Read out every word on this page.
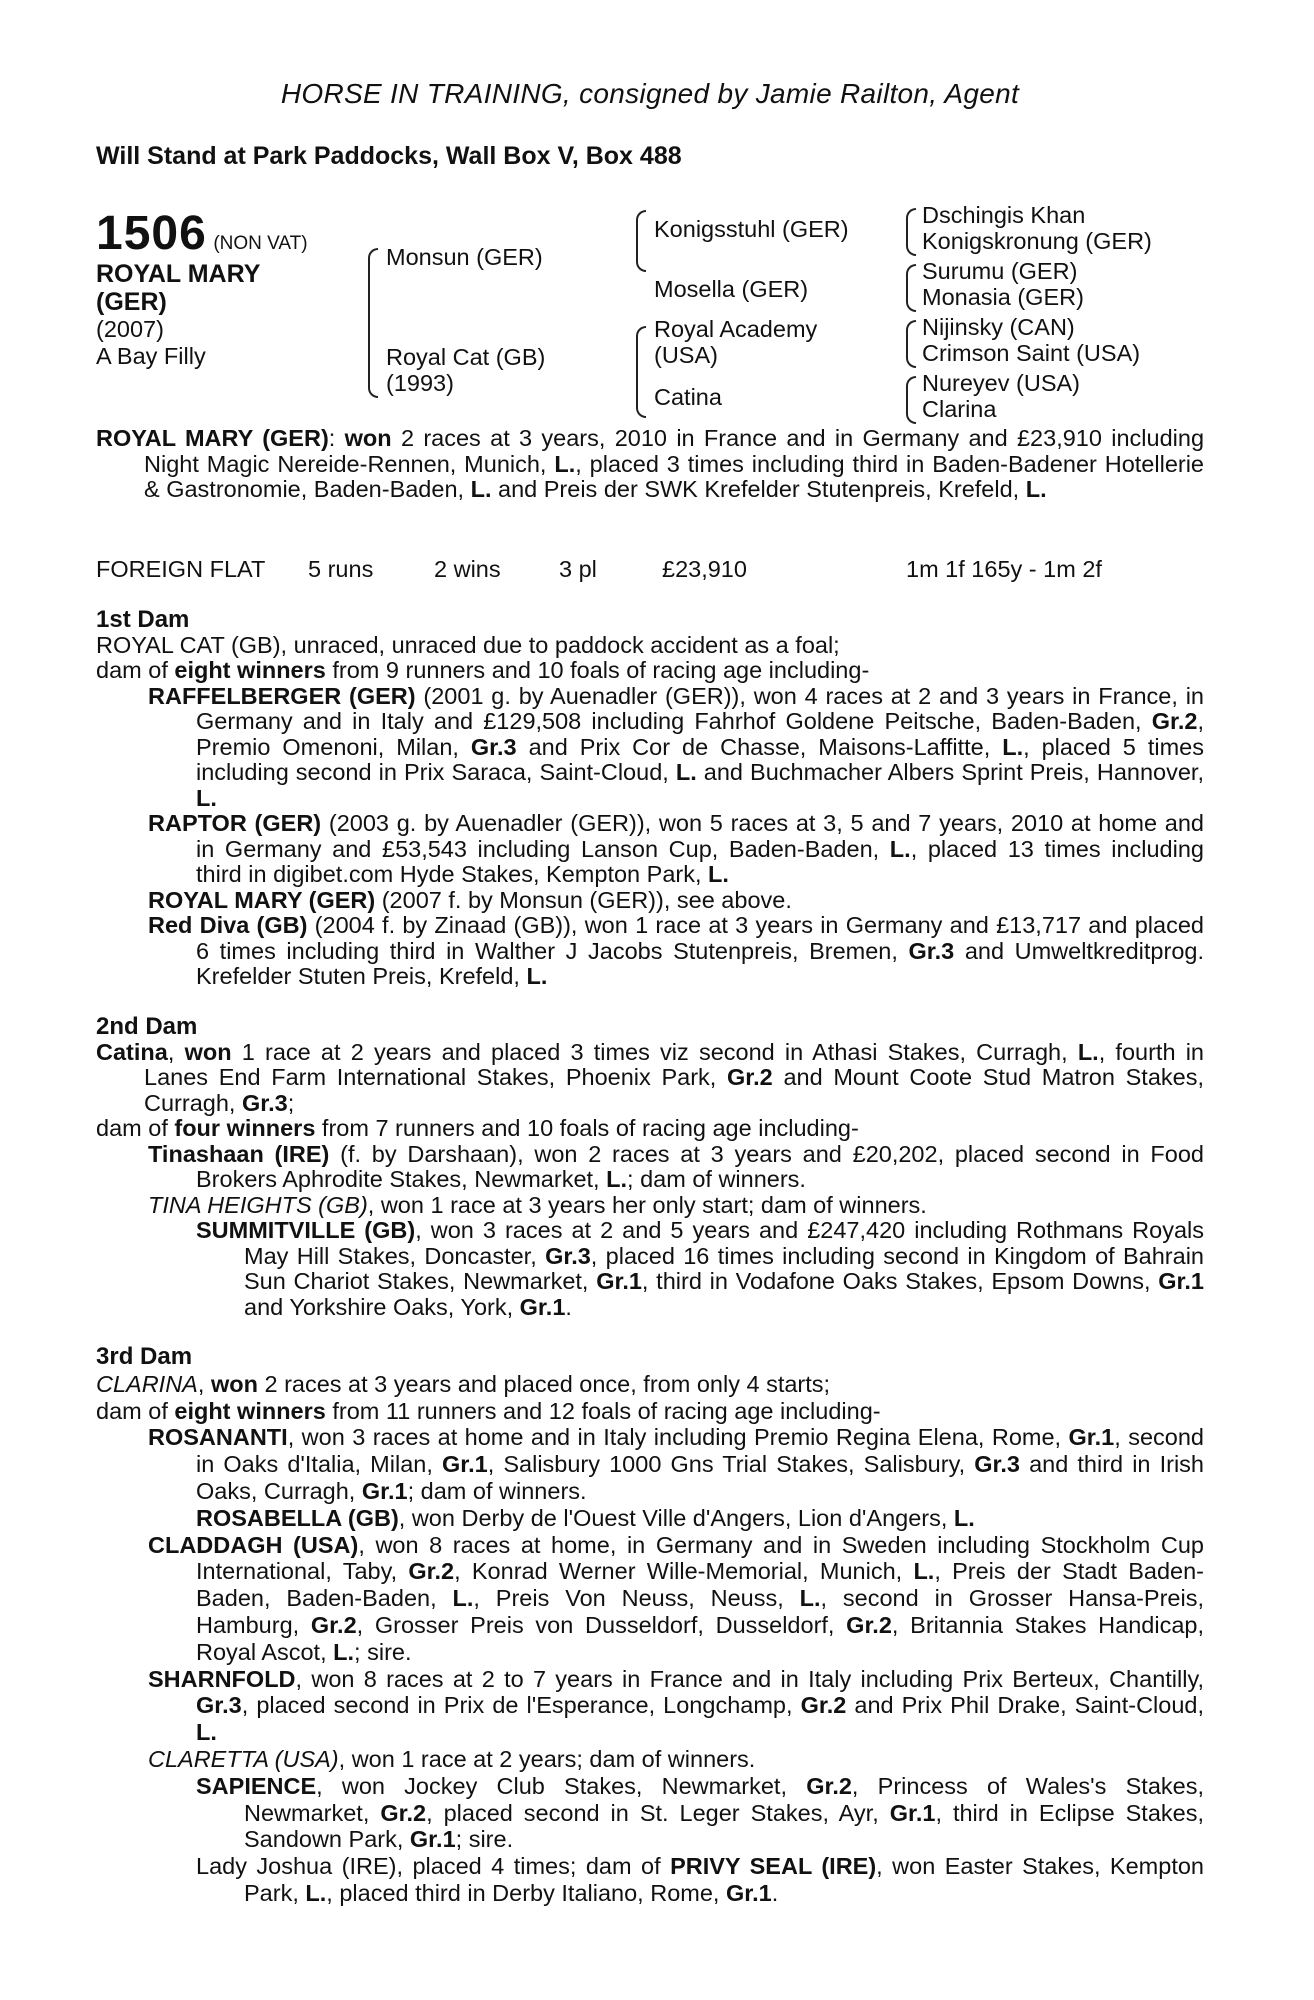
HORSE IN TRAINING, consigned by Jamie Railton, Agent
Will Stand at Park Paddocks, Wall Box V, Box 488
1506 (NON VAT)
ROYAL MARY
(GER)
(2007)
A Bay Filly
Monsun (GER)
Royal Cat (GB)
(1993)
Konigsstuhl (GER)
Mosella (GER)
Royal Academy
(USA)
Catina
Dschingis Khan
Konigskronung (GER)
Surumu (GER)
Monasia (GER)
Nijinsky (CAN)
Crimson Saint (USA)
Nureyev (USA)
Clarina

ROYAL MARY (GER): won 2 races at 3 years, 2010 in France and in Germany and £23,910 including Night Magic Nereide-Rennen, Munich, L., placed 3 times including third in Baden-Badener Hotellerie & Gastronomie, Baden-Baden, L. and Preis der SWK Krefelder Stutenpreis, Krefeld, L.

FOREIGN FLAT 5 runs	2 wins 3 pl	£23,910	1m 1f 165y - 1m 2f

1st Dam

ROYAL CAT (GB), unraced, unraced due to paddock accident as a foal;

dam of eight winners from 9 runners and 10 foals of racing age including-

RAFFELBERGER (GER) (2001 g. by Auenadler (GER)), won 4 races at 2 and 3 years in France, in Germany and in Italy and £129,508 including Fahrhof Goldene Peitsche, Baden-Baden, Gr.2, Premio Omenoni, Milan, Gr.3 and Prix Cor de Chasse, Maisons-Laffitte, L., placed 5 times including second in Prix Saraca, Saint-Cloud, L. and Buchmacher Albers Sprint Preis, Hannover, L.

RAPTOR (GER) (2003 g. by Auenadler (GER)), won 5 races at 3, 5 and 7 years, 2010 at home and in Germany and £53,543 including Lanson Cup, Baden-Baden, L., placed 13 times including third in digibet.com Hyde Stakes, Kempton Park, L.

ROYAL MARY (GER) (2007 f. by Monsun (GER)), see above.

Red Diva (GB) (2004 f. by Zinaad (GB)), won 1 race at 3 years in Germany and £13,717 and placed 6 times including third in Walther J Jacobs Stutenpreis, Bremen, Gr.3 and Umweltkreditprog. Krefelder Stuten Preis, Krefeld, L.

2nd Dam

Catina, won 1 race at 2 years and placed 3 times viz second in Athasi Stakes, Curragh, L., fourth in Lanes End Farm International Stakes, Phoenix Park, Gr.2 and Mount Coote Stud Matron Stakes, Curragh, Gr.3;

dam of four winners from 7 runners and 10 foals of racing age including-

Tinashaan (IRE) (f. by Darshaan), won 2 races at 3 years and £20,202, placed second in Food Brokers Aphrodite Stakes, Newmarket, L.; dam of winners.

TINA HEIGHTS (GB), won 1 race at 3 years her only start; dam of winners.

SUMMITVILLE (GB), won 3 races at 2 and 5 years and £247,420 including Rothmans Royals May Hill Stakes, Doncaster, Gr.3, placed 16 times including second in Kingdom of Bahrain Sun Chariot Stakes, Newmarket, Gr.1, third in Vodafone Oaks Stakes, Epsom Downs, Gr.1 and Yorkshire Oaks, York, Gr.1.

3rd Dam

CLARINA, won 2 races at 3 years and placed once, from only 4 starts;

dam of eight winners from 11 runners and 12 foals of racing age including-

ROSANANTI, won 3 races at home and in Italy including Premio Regina Elena, Rome, Gr.1, second in Oaks d'Italia, Milan, Gr.1, Salisbury 1000 Gns Trial Stakes, Salisbury, Gr.3 and third in Irish Oaks, Curragh, Gr.1; dam of winners.

ROSABELLA (GB), won Derby de l'Ouest Ville d'Angers, Lion d'Angers, L.

CLADDAGH (USA), won 8 races at home, in Germany and in Sweden including Stockholm Cup International, Taby, Gr.2, Konrad Werner Wille-Memorial, Munich, L., Preis der Stadt Baden-Baden, Baden-Baden, L., Preis Von Neuss, Neuss, L., second in Grosser Hansa-Preis, Hamburg, Gr.2, Grosser Preis von Dusseldorf, Dusseldorf, Gr.2, Britannia Stakes Handicap, Royal Ascot, L.; sire.

SHARNFOLD, won 8 races at 2 to 7 years in France and in Italy including Prix Berteux, Chantilly, Gr.3, placed second in Prix de l'Esperance, Longchamp, Gr.2 and Prix Phil Drake, Saint-Cloud, L.

CLARETTA (USA), won 1 race at 2 years; dam of winners.

SAPIENCE, won Jockey Club Stakes, Newmarket, Gr.2, Princess of Wales's Stakes, Newmarket, Gr.2, placed second in St. Leger Stakes, Ayr, Gr.1, third in Eclipse Stakes, Sandown Park, Gr.1; sire.

Lady Joshua (IRE), placed 4 times; dam of PRIVY SEAL (IRE), won Easter Stakes, Kempton Park, L., placed third in Derby Italiano, Rome, Gr.1.
